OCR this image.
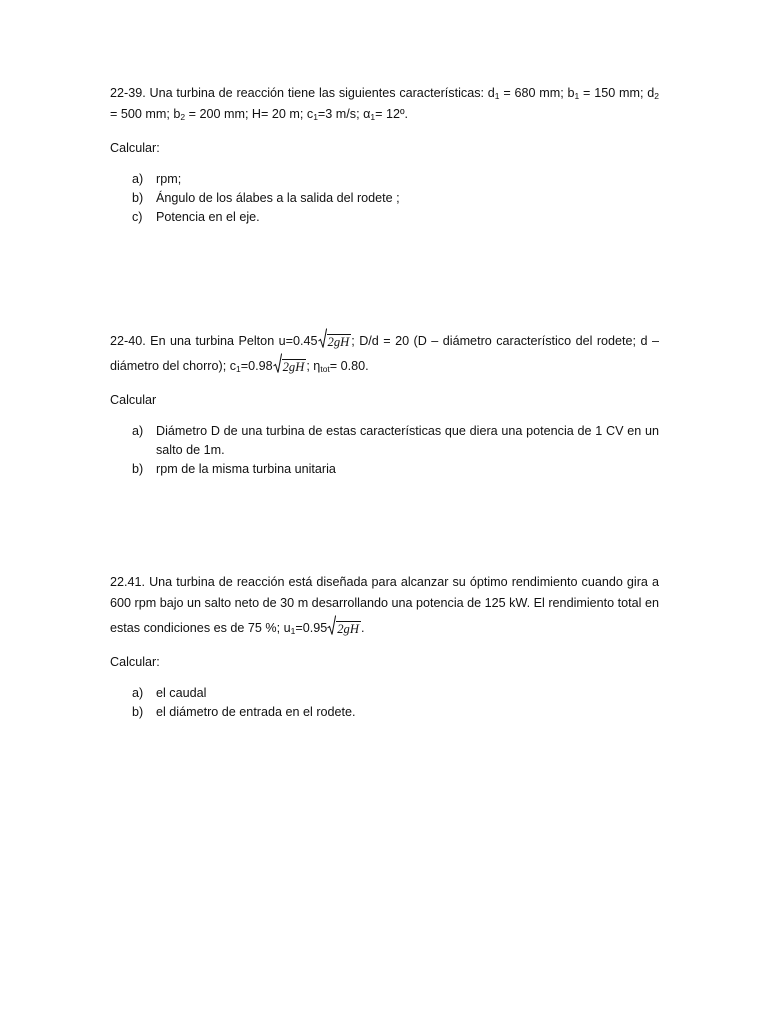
22-39. Una turbina de reacción tiene las siguientes características: $d_1 = 680$ mm; $b_1 = 150$ mm; $d_2 = 500$ mm; $b_2 = 200$ mm; H= 20 m; $c_1=3$ m/s; $\alpha_1=$ 12º.

Calcular:

a) rpm;
b) Ángulo de los álabes a la salida del rodete ;
c) Potencia en el eje.

22-40. En una turbina Pelton u=0.45 2gH ; D/d = 20 (D – diámetro característico del rodete; d – diámetro del chorro); $c_1=0.98$ 2gH ; $\eta_{tot}= 0.80$.

Calcular

a) Diámetro D de una turbina de estas características que diera una potencia de 1 CV en un salto de 1m.
b) rpm de la misma turbina unitaria

22.41. Una turbina de reacción está diseñada para alcanzar su óptimo rendimiento cuando gira a 600 rpm bajo un salto neto de 30 m desarrollando una potencia de 125 kW. El rendimiento total en estas condiciones es de 75 %; $u_1=0.95$ 2gH .

Calcular:

a) el caudal
b) el diámetro de entrada en el rodete.
